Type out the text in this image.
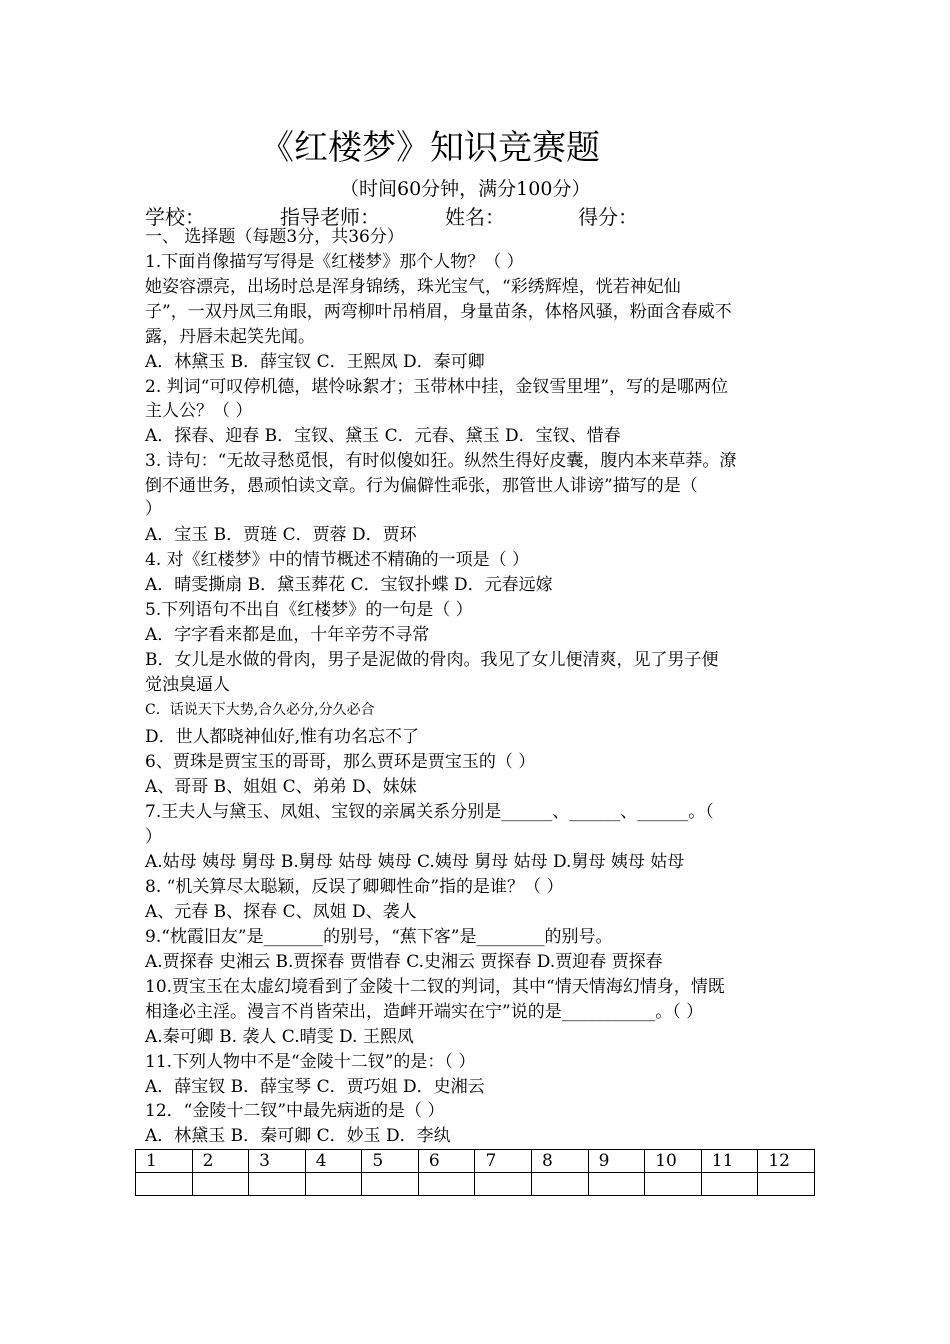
《红楼梦》知识竞赛题
（时间60分钟，满分100分）
学校：	指导老师：	姓名：	得分：
一、 选择题（每题3分，共36分）
1.下面肖像描写写得是《红楼梦》那个人物？（ ）
她姿容漂亮，出场时总是浑身锦绣，珠光宝气，“彩绣辉煌，恍若神妃仙
子”，一双丹凤三角眼，两弯柳叶吊梢眉，身量苗条，体格风骚，粉面含春威不
露，丹唇未起笑先闻。
A．林黛玉 B．薛宝钗 C．王熙凤 D．秦可卿
2. 判词“可叹停机德，堪怜咏絮才；玉带林中挂，金钗雪里埋”，写的是哪两位
主人公？（ ）
A．探春、迎春 B．宝钗、黛玉 C．元春、黛玉 D．宝钗、惜春
3. 诗句：“无故寻愁觅恨，有时似傻如狂。纵然生得好皮囊，腹内本来草莽。潦
倒不通世务，愚顽怕读文章。行为偏僻性乖张，那管世人诽谤”描写的是（
）
A．宝玉 B．贾琏 C．贾蓉 D．贾环
4. 对《红楼梦》中的情节概述不精确的一项是（ ）
A．晴雯撕扇 B．黛玉葬花 C．宝钗扑蝶 D．元春远嫁
5.下列语句不出自《红楼梦》的一句是（ ）
A．字字看来都是血，十年辛劳不寻常
B．女儿是水做的骨肉，男子是泥做的骨肉。我见了女儿便清爽，见了男子便
觉浊臭逼人
C．话说天下大势,合久必分,分久必合
D．世人都晓神仙好,惟有功名忘不了
6、贾珠是贾宝玉的哥哥，那么贾环是贾宝玉的（ ）
A、哥哥 B、姐姐 C、弟弟 D、妹妹
7.王夫人与黛玉、凤姐、宝钗的亲属关系分别是______、______、______。（
）
A.姑母 姨母 舅母 B.舅母 姑母 姨母 C.姨母 舅母 姑母 D.舅母 姨母 姑母
8. “机关算尽太聪颖，反误了卿卿性命”指的是谁？（ ）
A、元春 B、探春 C、凤姐 D、袭人
9.“枕霞旧友”是_______的别号，“蕉下客”是________的别号。
A.贾探春 史湘云 B.贾探春 贾惜春 C.史湘云 贾探春 D.贾迎春 贾探春
10.贾宝玉在太虚幻境看到了金陵十二钗的判词，其中“情天情海幻情身，情既
相逢必主淫。漫言不肖皆荣出，造衅开端实在宁”说的是___________。（ ）
A.秦可卿 B. 袭人 C.晴雯 D. 王熙凤
11.下列人物中不是“金陵十二钗”的是：（ ）
A．薛宝钗 B．薛宝琴 C．贾巧姐 D．史湘云
12．“金陵十二钗”中最先病逝的是（ ）
A．林黛玉 B．秦可卿 C．妙玉 D．李纨
1	2	3	4	5	6	7	8	9	10	11	12
